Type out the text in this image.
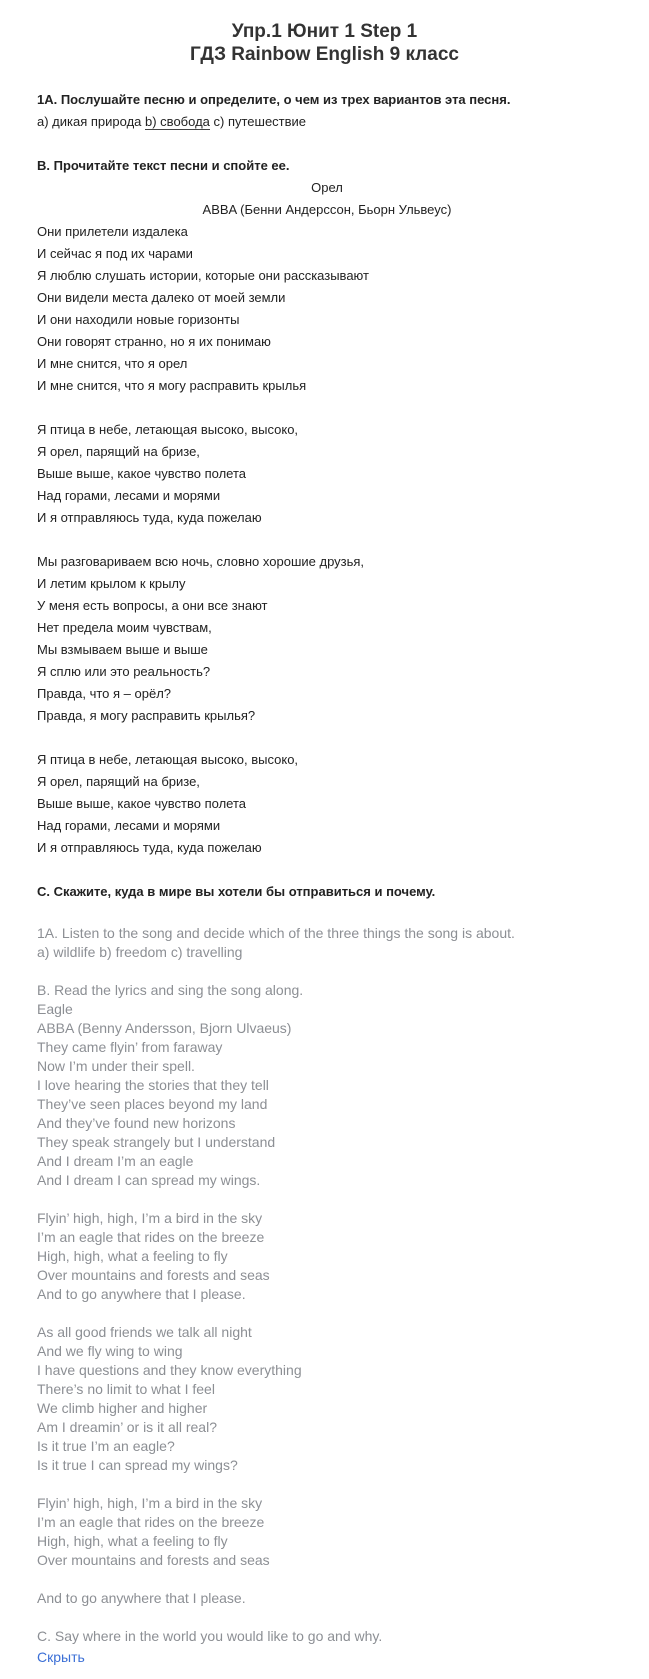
Упр.1 Юнит 1 Step 1
ГДЗ Rainbow English 9 класс
1А. Послушайте песню и определите, о чем из трех вариантов эта песня.
а) дикая природа b) свобода c) путешествие
В. Прочитайте текст песни и спойте ее.
Орел
ABBA (Бенни Андерссон, Бьорн Ульвеус)
Они прилетели издалека
И сейчас я под их чарами
Я люблю слушать истории, которые они рассказывают
Они видели места далеко от моей земли
И они находили новые горизонты
Они говорят странно, но я их понимаю
И мне снится, что я орел
И мне снится, что я могу расправить крылья
Я птица в небе, летающая высоко, высоко,
Я орел, парящий на бризе,
Выше выше, какое чувство полета
Над горами, лесами и морями
И я отправляюсь туда, куда пожелаю
Мы разговариваем всю ночь, словно хорошие друзья,
И летим крылом к крылу
У меня есть вопросы, а они все знают
Нет предела моим чувствам,
Мы взмываем выше и выше
Я сплю или это реальность?
Правда, что я – орёл?
Правда, я могу расправить крылья?
Я птица в небе, летающая высоко, высоко,
Я орел, парящий на бризе,
Выше выше, какое чувство полета
Над горами, лесами и морями
И я отправляюсь туда, куда пожелаю
С. Скажите, куда в мире вы хотели бы отправиться и почему.
1A. Listen to the song and decide which of the three things the song is about.
a) wildlife b) freedom c) travelling
B. Read the lyrics and sing the song along.
Eagle
ABBA (Benny Andersson, Bjorn Ulvaeus)
They came flyin’ from faraway
Now I’m under their spell.
I love hearing the stories that they tell
They’ve seen places beyond my land
And they’ve found new horizons
They speak strangely but I understand
And I dream I’m an eagle
And I dream I can spread my wings.
Flyin’ high, high, I’m a bird in the sky
I’m an eagle that rides on the breeze
High, high, what a feeling to fly
Over mountains and forests and seas
And to go anywhere that I please.
As all good friends we talk all night
And we fly wing to wing
I have questions and they know everything
There’s no limit to what I feel
We climb higher and higher
Am I dreamin’ or is it all real?
Is it true I’m an eagle?
Is it true I can spread my wings?
Flyin’ high, high, I’m a bird in the sky
I’m an eagle that rides on the breeze
High, high, what a feeling to fly
Over mountains and forests and seas
And to go anywhere that I please.
C. Say where in the world you would like to go and why.
Скрыть
